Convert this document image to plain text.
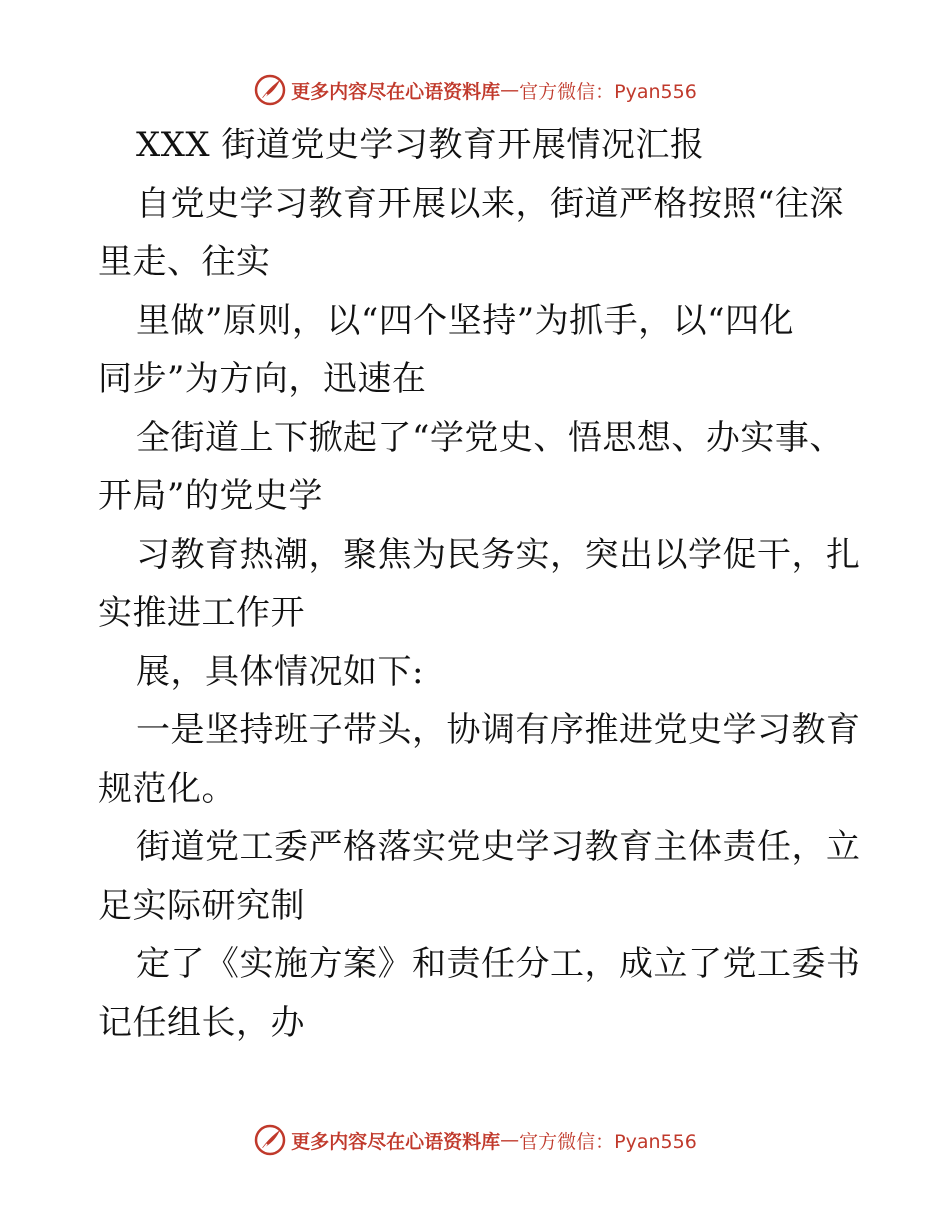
更多内容尽在心语资料库 — 官方微信：Pyan556
XXX 街道党史学习教育开展情况汇报
自党史学习教育开展以来，街道严格按照“往深
里走、往实
里做”原则，以“四个坚持”为抓手，以“四化
同步”为方向，迅速在
全街道上下掀起了“学党史、悟思想、办实事、
开局”的党史学
习教育热潮，聚焦为民务实，突出以学促干，扎
实推进工作开
展，具体情况如下:
一是坚持班子带头，协调有序推进党史学习教育
规范化。
街道党工委严格落实党史学习教育主体责任，立
足实际研究制
定了《实施方案》和责任分工，成立了党工委书
记任组长，办
更多内容尽在心语资料库 — 官方微信：Pyan556
